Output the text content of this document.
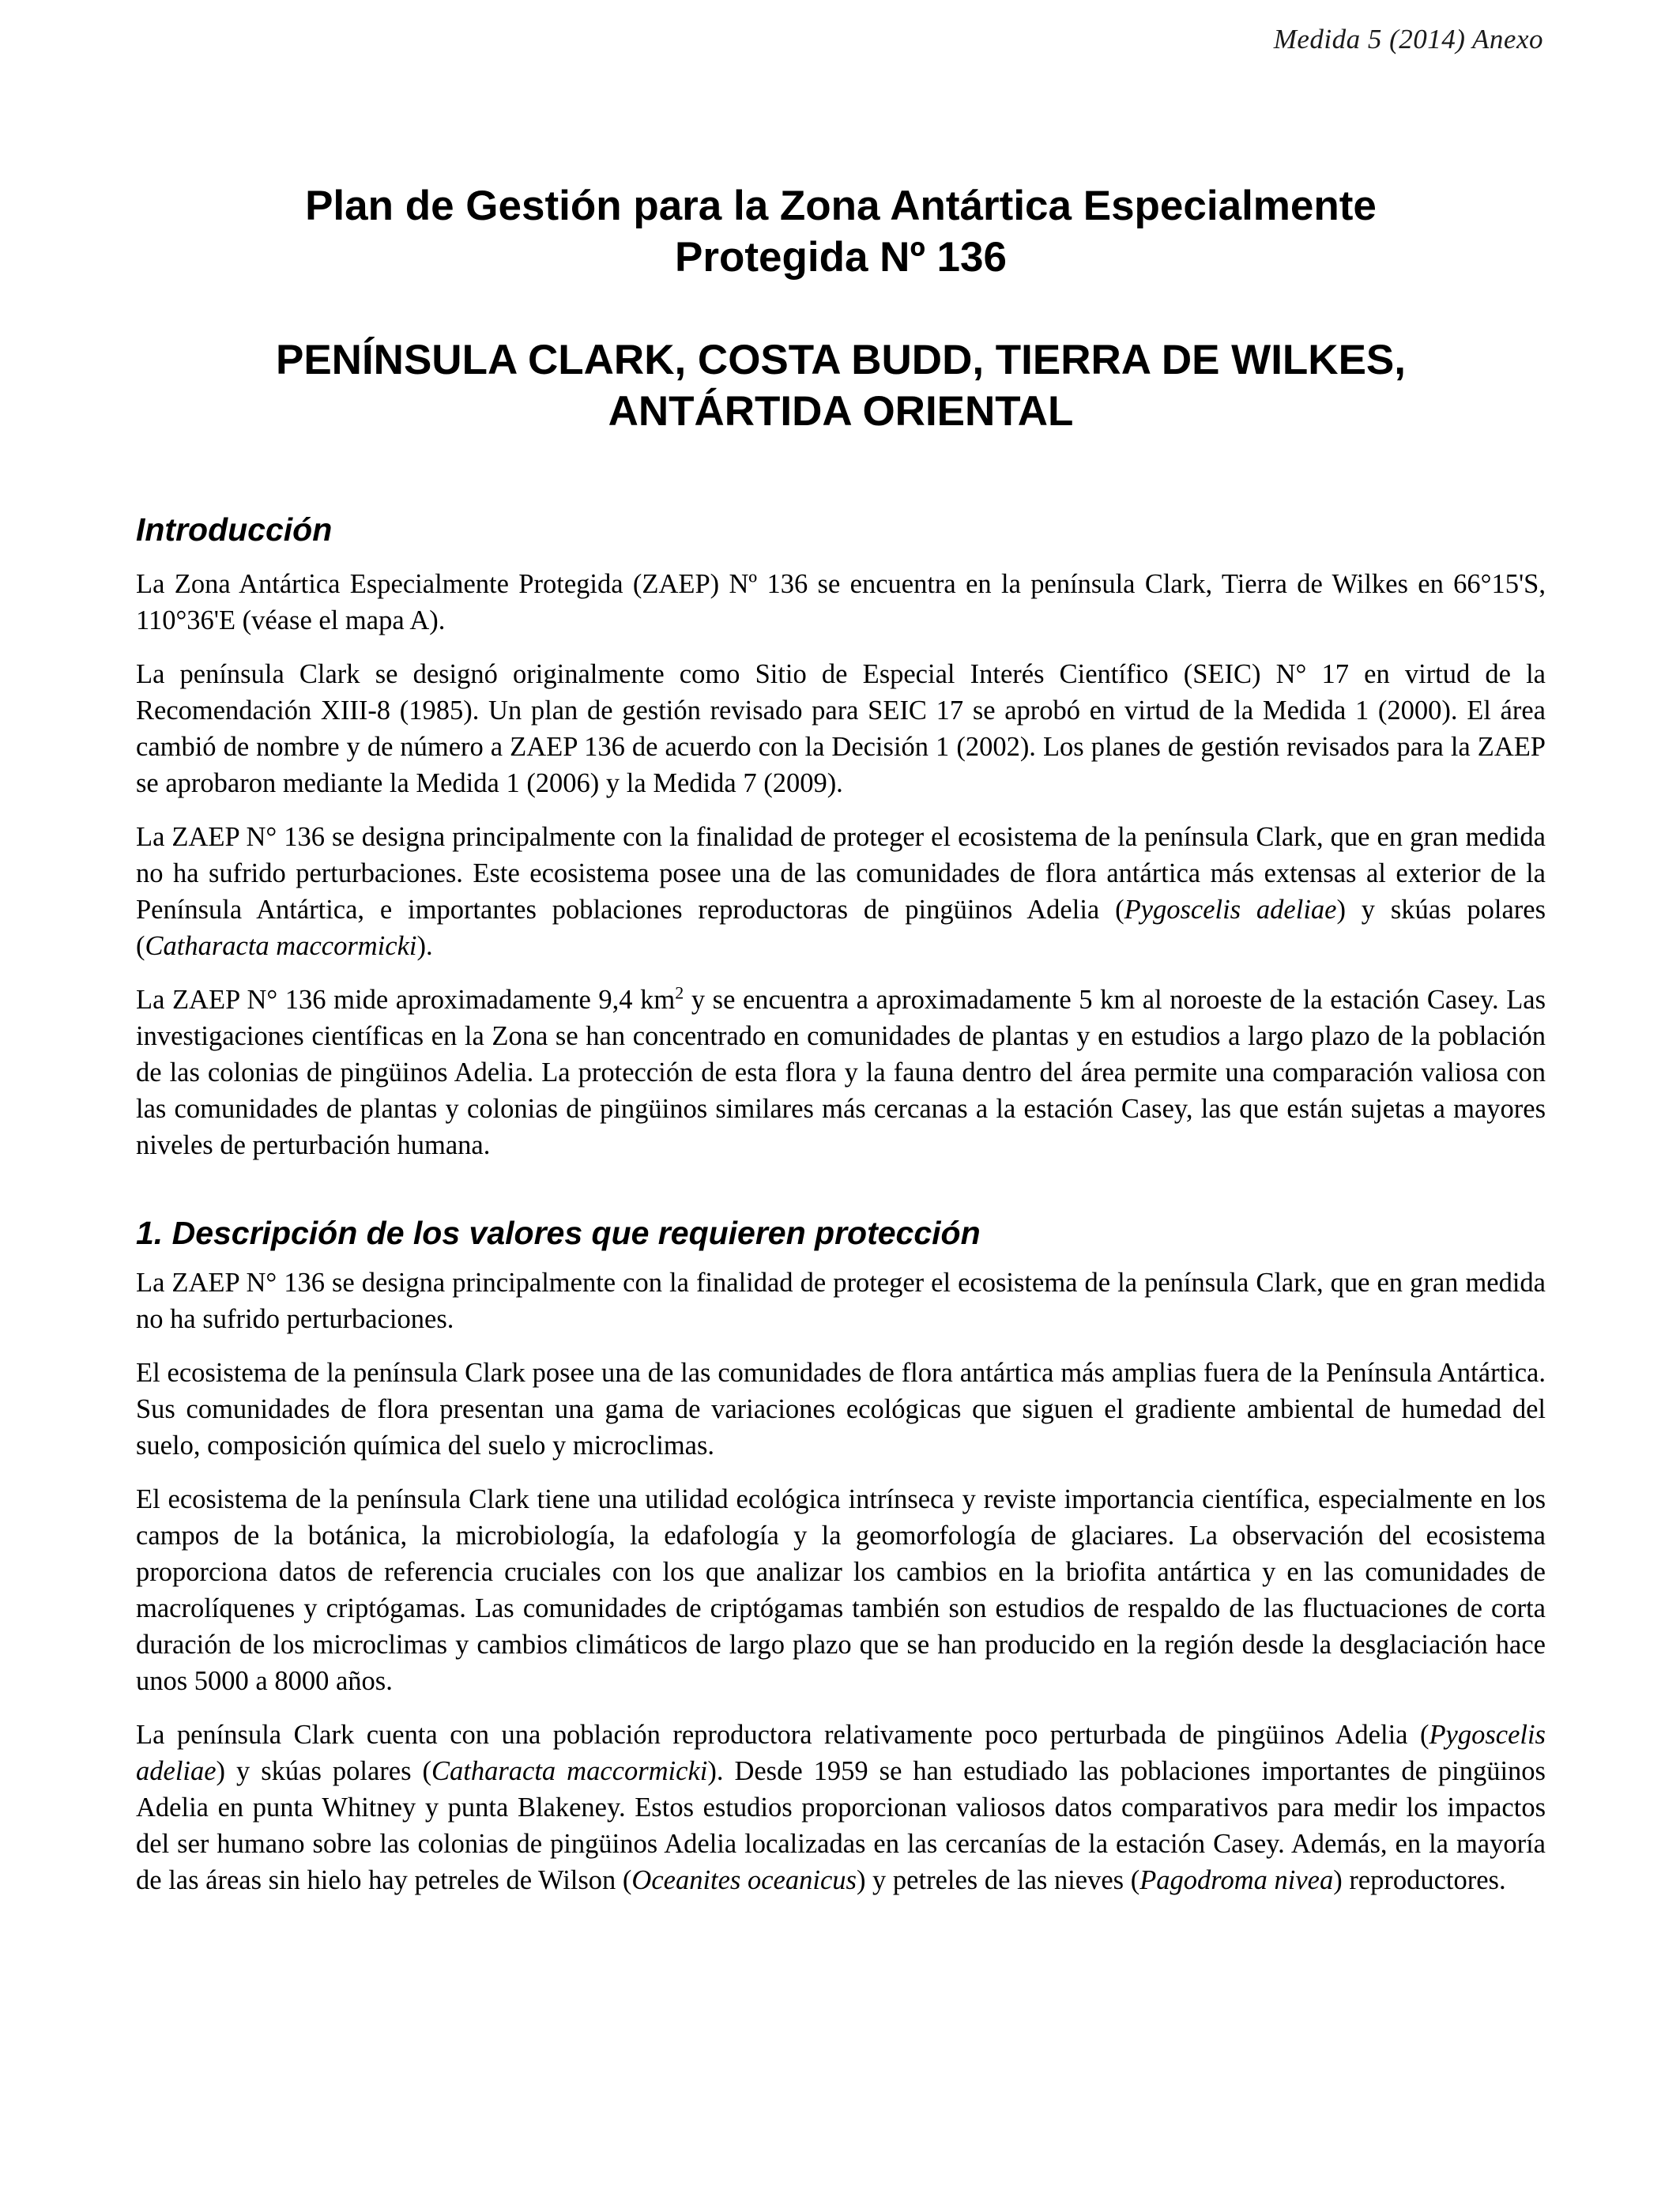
Medida 5 (2014) Anexo
Plan de Gestión para la Zona Antártica Especialmente
Protegida Nº 136
PENÍNSULA CLARK, COSTA BUDD, TIERRA DE WILKES,
ANTÁRTIDA ORIENTAL
Introducción

La Zona Antártica Especialmente Protegida (ZAEP) Nº 136 se encuentra en la península Clark, Tierra de Wilkes en 66°15'S, 110°36'E (véase el mapa A).

La península Clark se designó originalmente como Sitio de Especial Interés Científico (SEIC) N° 17 en virtud de la Recomendación XIII-8 (1985). Un plan de gestión revisado para SEIC 17 se aprobó en virtud de la Medida 1 (2000). El área cambió de nombre y de número a ZAEP 136 de acuerdo con la Decisión 1 (2002). Los planes de gestión revisados para la ZAEP se aprobaron mediante la Medida 1 (2006) y la Medida 7 (2009).

La ZAEP N° 136 se designa principalmente con la finalidad de proteger el ecosistema de la península Clark, que en gran medida no ha sufrido perturbaciones. Este ecosistema posee una de las comunidades de flora antártica más extensas al exterior de la Península Antártica, e importantes poblaciones reproductoras de pingüinos Adelia (Pygoscelis adeliae) y skúas polares (Catharacta maccormicki).

La ZAEP N° 136 mide aproximadamente 9,4 $km^2$ y se encuentra a aproximadamente 5 km al noroeste de la estación Casey. Las investigaciones científicas en la Zona se han concentrado en comunidades de plantas y en estudios a largo plazo de la población de las colonias de pingüinos Adelia. La protección de esta flora y la fauna dentro del área permite una comparación valiosa con las comunidades de plantas y colonias de pingüinos similares más cercanas a la estación Casey, las que están sujetas a mayores niveles de perturbación humana.

1. Descripción de los valores que requieren protección

La ZAEP N° 136 se designa principalmente con la finalidad de proteger el ecosistema de la península Clark, que en gran medida no ha sufrido perturbaciones.

El ecosistema de la península Clark posee una de las comunidades de flora antártica más amplias fuera de la Península Antártica. Sus comunidades de flora presentan una gama de variaciones ecológicas que siguen el gradiente ambiental de humedad del suelo, composición química del suelo y microclimas.

El ecosistema de la península Clark tiene una utilidad ecológica intrínseca y reviste importancia científica, especialmente en los campos de la botánica, la microbiología, la edafología y la geomorfología de glaciares. La observación del ecosistema proporciona datos de referencia cruciales con los que analizar los cambios en la briofita antártica y en las comunidades de macrolíquenes y criptógamas. Las comunidades de criptógamas también son estudios de respaldo de las fluctuaciones de corta duración de los microclimas y cambios climáticos de largo plazo que se han producido en la región desde la desglaciación hace unos 5000 a 8000 años.

La península Clark cuenta con una población reproductora relativamente poco perturbada de pingüinos Adelia (Pygoscelis adeliae) y skúas polares (Catharacta maccormicki). Desde 1959 se han estudiado las poblaciones importantes de pingüinos Adelia en punta Whitney y punta Blakeney. Estos estudios proporcionan valiosos datos comparativos para medir los impactos del ser humano sobre las colonias de pingüinos Adelia localizadas en las cercanías de la estación Casey. Además, en la mayoría de las áreas sin hielo hay petreles de Wilson (Oceanites oceanicus) y petreles de las nieves (Pagodroma nivea) reproductores.
